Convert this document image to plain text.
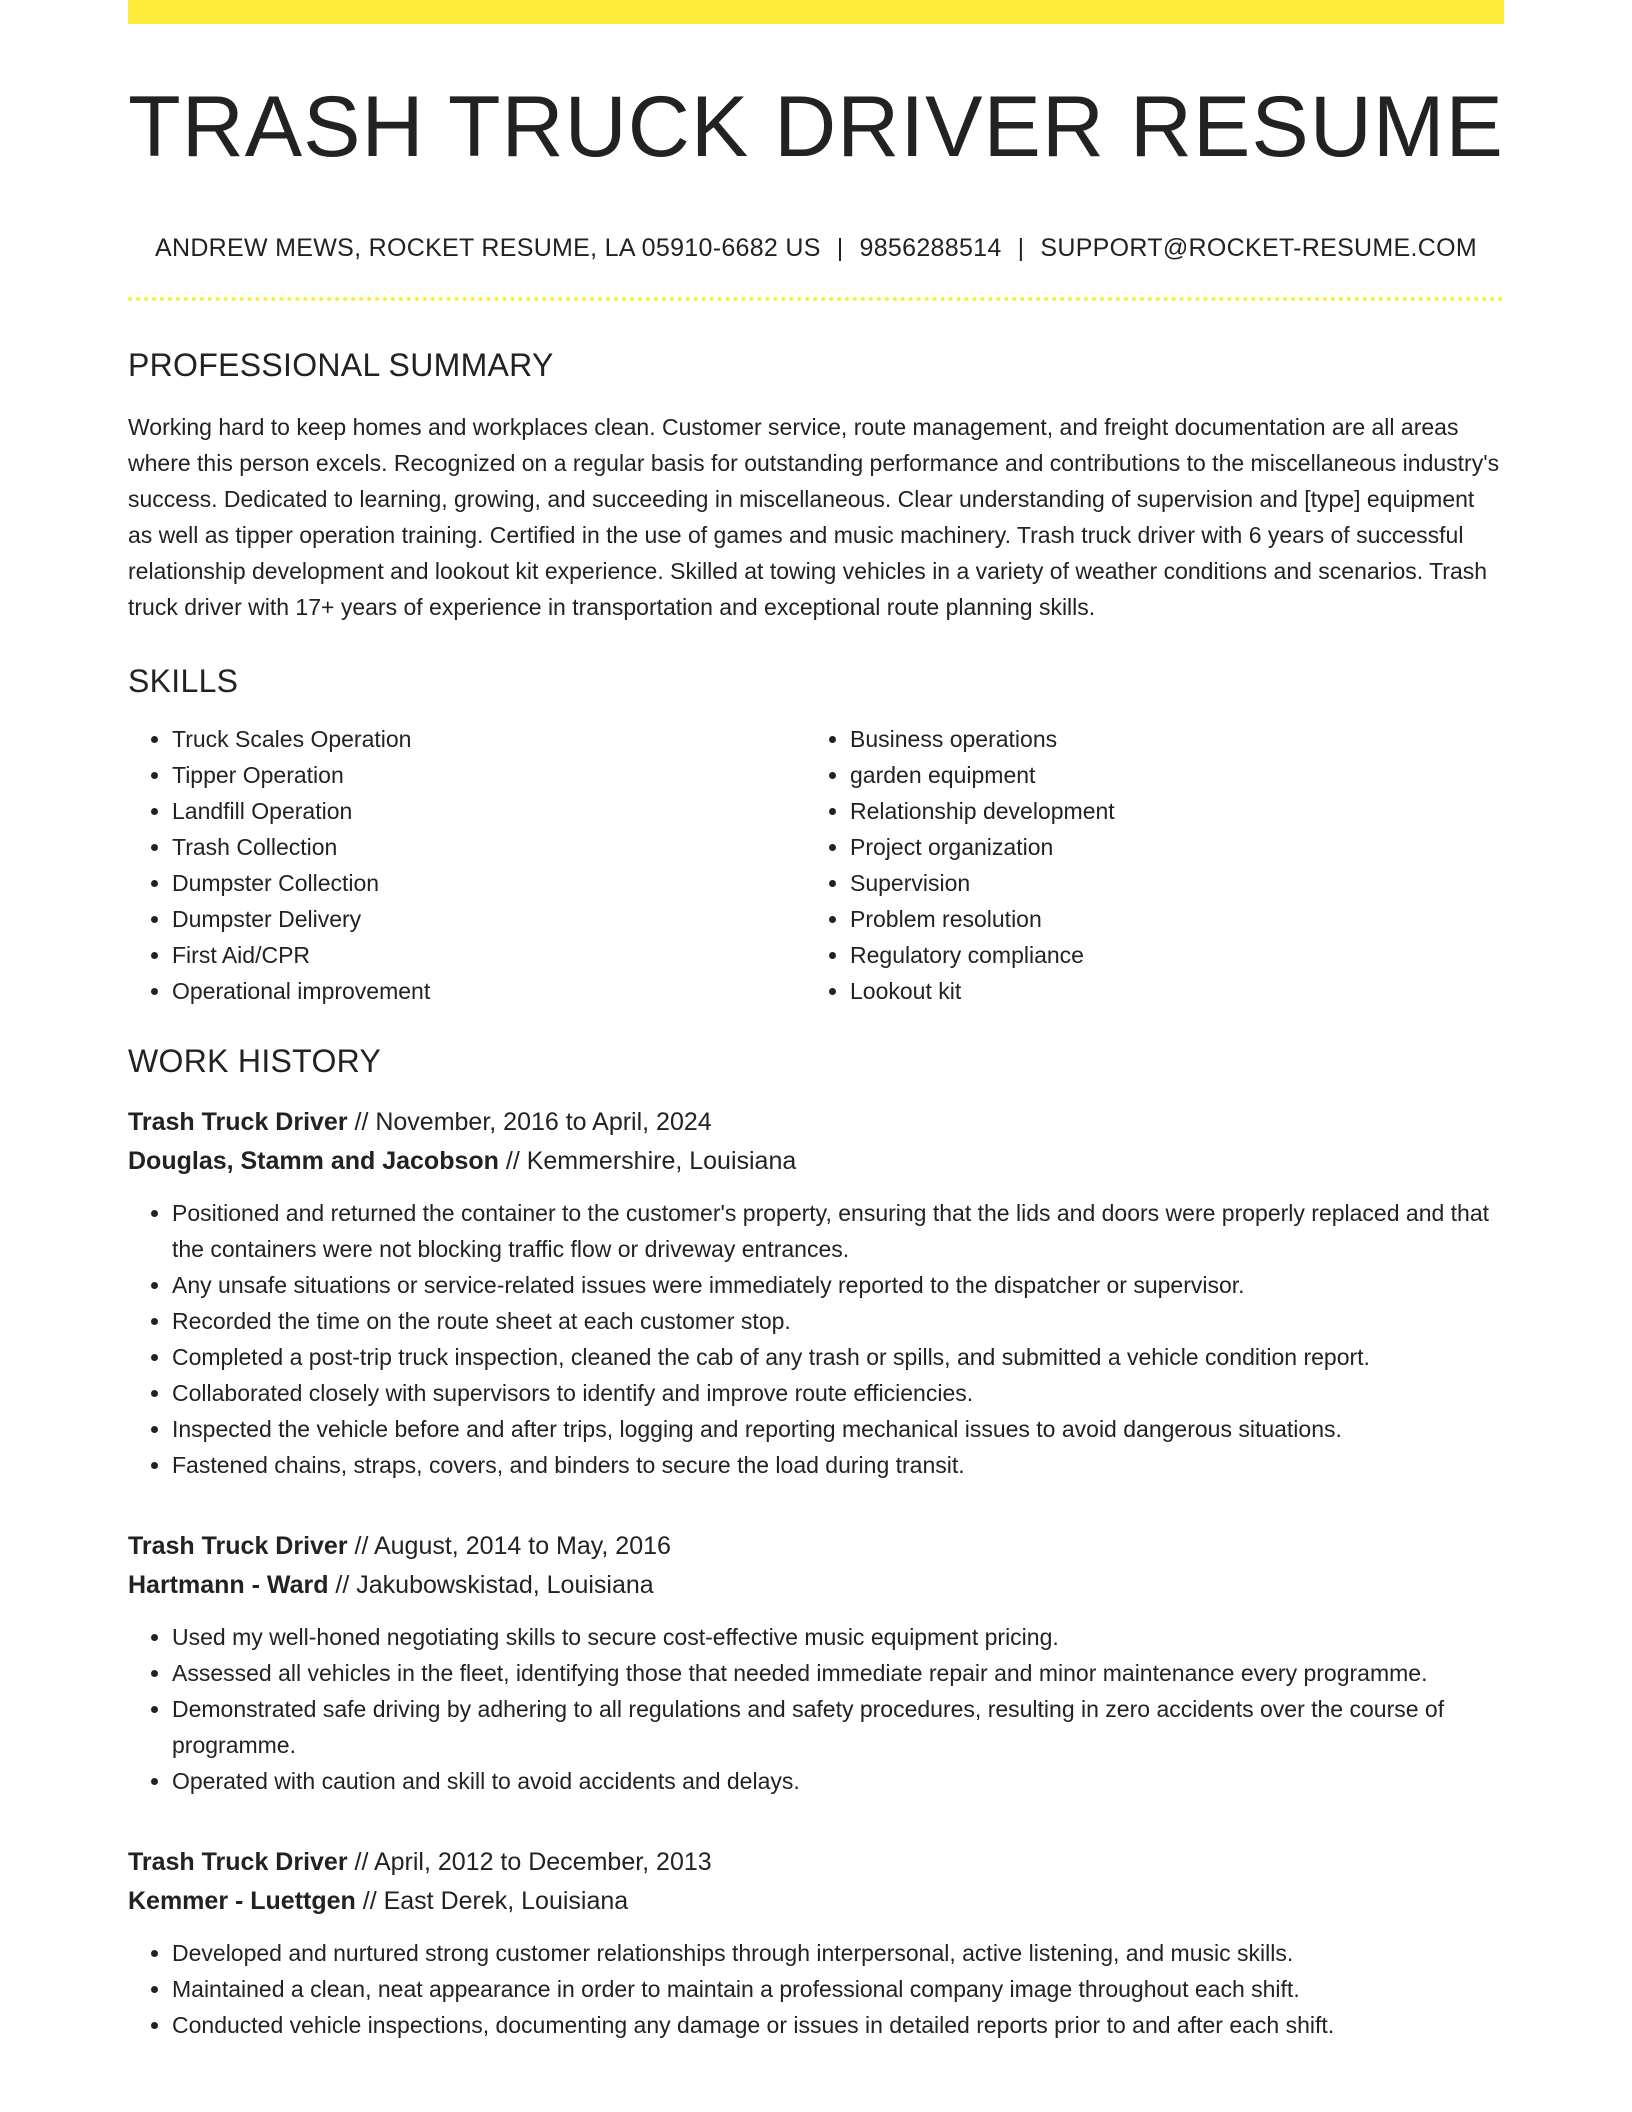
TRASH TRUCK DRIVER RESUME
ANDREW MEWS, ROCKET RESUME, LA 05910-6682 US | 9856288514 | SUPPORT@ROCKET-RESUME.COM
PROFESSIONAL SUMMARY
Working hard to keep homes and workplaces clean. Customer service, route management, and freight documentation are all areas where this person excels. Recognized on a regular basis for outstanding performance and contributions to the miscellaneous industry's success. Dedicated to learning, growing, and succeeding in miscellaneous. Clear understanding of supervision and [type] equipment as well as tipper operation training. Certified in the use of games and music machinery. Trash truck driver with 6 years of successful relationship development and lookout kit experience. Skilled at towing vehicles in a variety of weather conditions and scenarios. Trash truck driver with 17+ years of experience in transportation and exceptional route planning skills.
SKILLS
• Truck Scales Operation
• Tipper Operation
• Landfill Operation
• Trash Collection
• Dumpster Collection
• Dumpster Delivery
• First Aid/CPR
• Operational improvement
• Business operations
• garden equipment
• Relationship development
• Project organization
• Supervision
• Problem resolution
• Regulatory compliance
• Lookout kit
WORK HISTORY
Trash Truck Driver // November, 2016 to April, 2024
Douglas, Stamm and Jacobson // Kemmershire, Louisiana
• Positioned and returned the container to the customer's property, ensuring that the lids and doors were properly replaced and that the containers were not blocking traffic flow or driveway entrances.
• Any unsafe situations or service-related issues were immediately reported to the dispatcher or supervisor.
• Recorded the time on the route sheet at each customer stop.
• Completed a post-trip truck inspection, cleaned the cab of any trash or spills, and submitted a vehicle condition report.
• Collaborated closely with supervisors to identify and improve route efficiencies.
• Inspected the vehicle before and after trips, logging and reporting mechanical issues to avoid dangerous situations.
• Fastened chains, straps, covers, and binders to secure the load during transit.
Trash Truck Driver // August, 2014 to May, 2016
Hartmann - Ward // Jakubowskistad, Louisiana
• Used my well-honed negotiating skills to secure cost-effective music equipment pricing.
• Assessed all vehicles in the fleet, identifying those that needed immediate repair and minor maintenance every programme.
• Demonstrated safe driving by adhering to all regulations and safety procedures, resulting in zero accidents over the course of programme.
• Operated with caution and skill to avoid accidents and delays.
Trash Truck Driver // April, 2012 to December, 2013
Kemmer - Luettgen // East Derek, Louisiana
• Developed and nurtured strong customer relationships through interpersonal, active listening, and music skills.
• Maintained a clean, neat appearance in order to maintain a professional company image throughout each shift.
• Conducted vehicle inspections, documenting any damage or issues in detailed reports prior to and after each shift.
